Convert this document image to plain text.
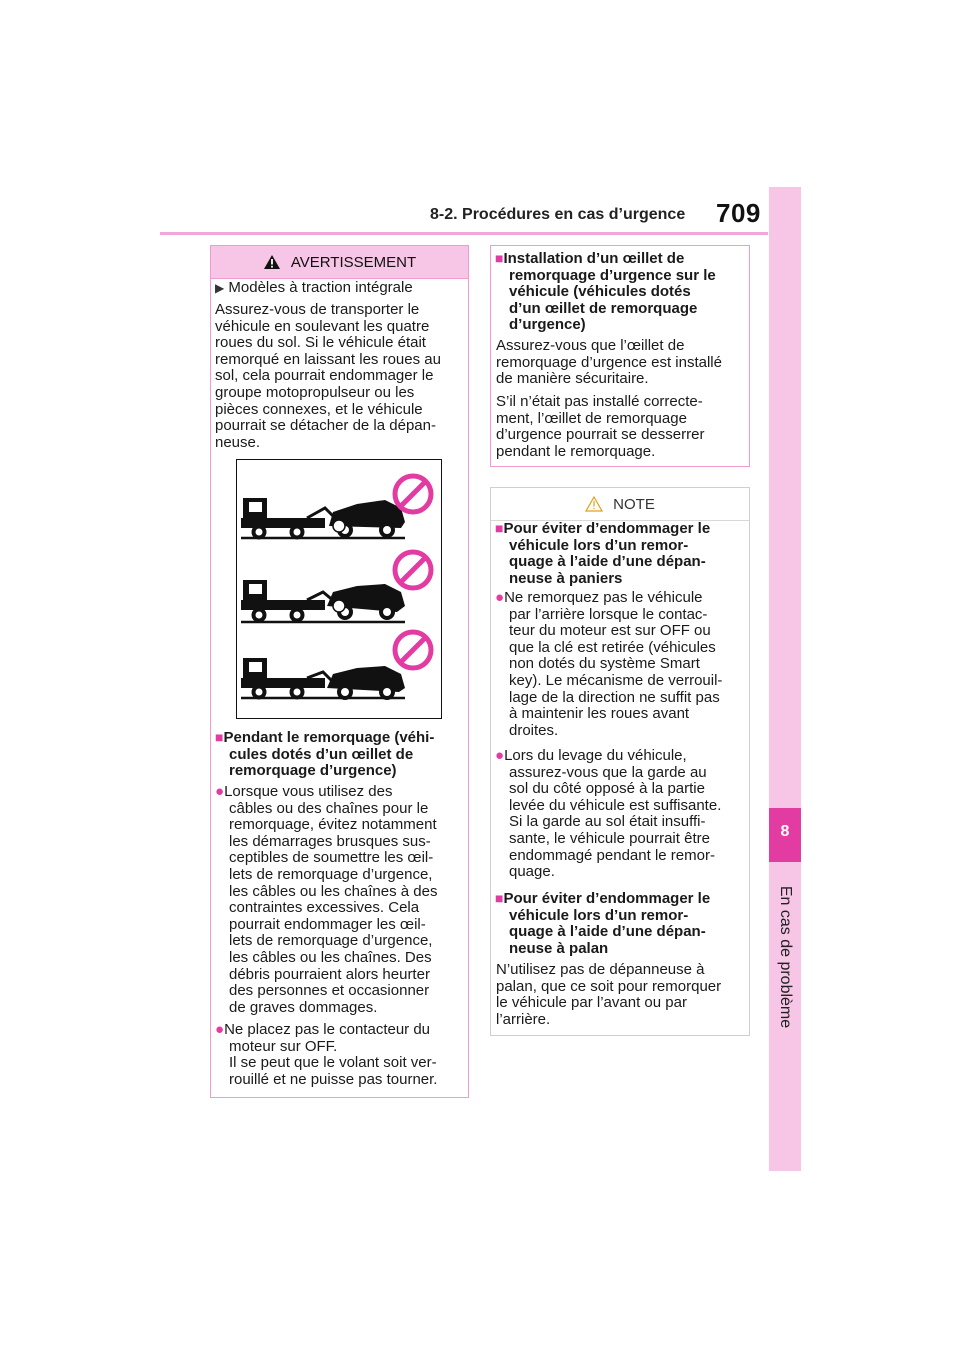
8-2. Procédures en cas d’urgence 709
8
En cas de problème
AVERTISSEMENT
▶ Modèles à traction intégrale
Assurez-vous de transporter le
véhicule en soulevant les quatre
roues du sol. Si le véhicule était
remorqué en laissant les roues au
sol, cela pourrait endommager le
groupe motopropulseur ou les
pièces connexes, et le véhicule
pourrait se détacher de la dépan-
neuse.
■Pendant le remorquage (véhi-
cules dotés d’un œillet de
remorquage d’urgence)
●Lorsque vous utilisez des
câbles ou des chaînes pour le
remorquage, évitez notamment
les démarrages brusques sus-
ceptibles de soumettre les œil-
lets de remorquage d’urgence,
les câbles ou les chaînes à des
contraintes excessives. Cela
pourrait endommager les œil-
lets de remorquage d’urgence,
les câbles ou les chaînes. Des
débris pourraient alors heurter
des personnes et occasionner
de graves dommages.
●Ne placez pas le contacteur du
moteur sur OFF.
Il se peut que le volant soit ver-
rouillé et ne puisse pas tourner.
■Installation d’un œillet de
remorquage d’urgence sur le
véhicule (véhicules dotés
d’un œillet de remorquage
d’urgence)
Assurez-vous que l’œillet de
remorquage d’urgence est installé
de manière sécuritaire.
S’il n’était pas installé correcte-
ment, l’œillet de remorquage
d’urgence pourrait se desserrer
pendant le remorquage.
NOTE
■Pour éviter d’endommager le
véhicule lors d’un remor-
quage à l’aide d’une dépan-
neuse à paniers
●Ne remorquez pas le véhicule
par l’arrière lorsque le contac-
teur du moteur est sur OFF ou
que la clé est retirée (véhicules
non dotés du système Smart
key). Le mécanisme de verrouil-
lage de la direction ne suffit pas
à maintenir les roues avant
droites.
●Lors du levage du véhicule,
assurez-vous que la garde au
sol du côté opposé à la partie
levée du véhicule est suffisante.
Si la garde au sol était insuffi-
sante, le véhicule pourrait être
endommagé pendant le remor-
quage.
■Pour éviter d’endommager le
véhicule lors d’un remor-
quage à l’aide d’une dépan-
neuse à palan
N’utilisez pas de dépanneuse à
palan, que ce soit pour remorquer
le véhicule par l’avant ou par
l’arrière.
